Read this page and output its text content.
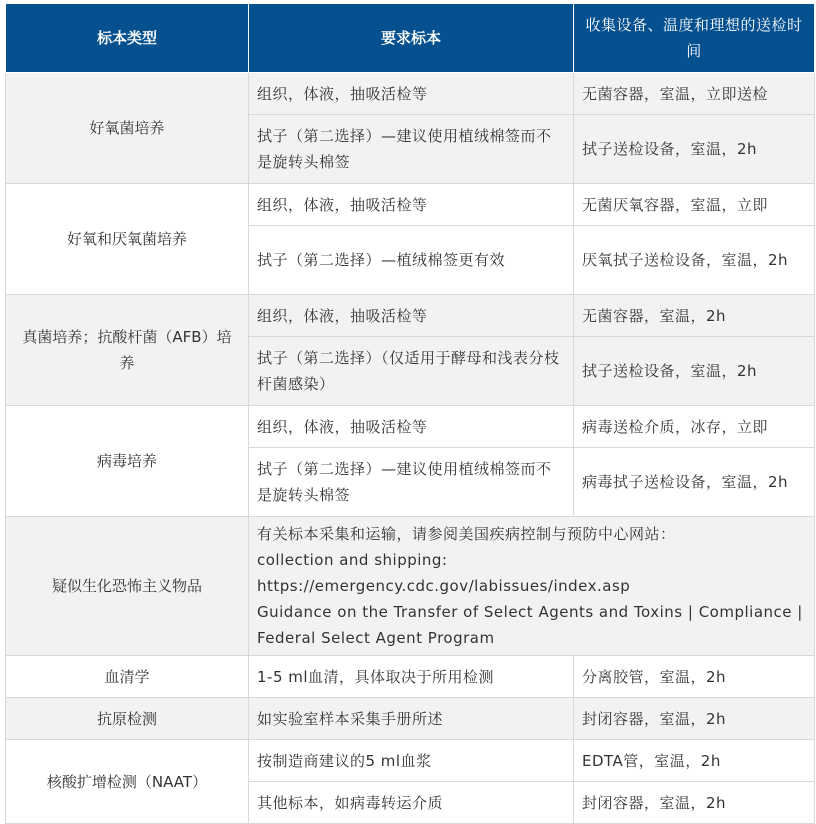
标本类型	要求标本	收集设备、温度和理想的送检时间
好氧菌培养	组织，体液，抽吸活检等	无菌容器，室温，立即送检
	拭子（第二选择）—建议使用植绒棉签而不是旋转头棉签	拭子送检设备，室温，2h
好氧和厌氧菌培养	组织，体液，抽吸活检等	无菌厌氧容器，室温，立即
	拭子（第二选择）—植绒棉签更有效	厌氧拭子送检设备，室温，2h
真菌培养；抗酸杆菌（AFB）培养	组织，体液，抽吸活检等	无菌容器，室温，2h
	拭子（第二选择）（仅适用于酵母和浅表分枝杆菌感染）	拭子送检设备，室温，2h
病毒培养	组织，体液，抽吸活检等	病毒送检介质，冰存，立即
	拭子（第二选择）—建议使用植绒棉签而不是旋转头棉签	病毒拭子送检设备，室温，2h
疑似生化恐怖主义物品	有关标本采集和运输，请参阅美国疾病控制与预防中心网站：
collection and shipping: https://emergency.cdc.gov/labissues/index.asp
Guidance on the Transfer of Select Agents and Toxins | Compliance | Federal Select Agent Program	

血清学	1-5 ml血清，具体取决于所用检测	分离胶管，室温，2h
抗原检测	如实验室样本采集手册所述	封闭容器，室温，2h
核酸扩增检测（NAAT）	按制造商建议的5 ml血浆	EDTA管，室温，2h
	其他标本，如病毒转运介质	封闭容器，室温，2h
